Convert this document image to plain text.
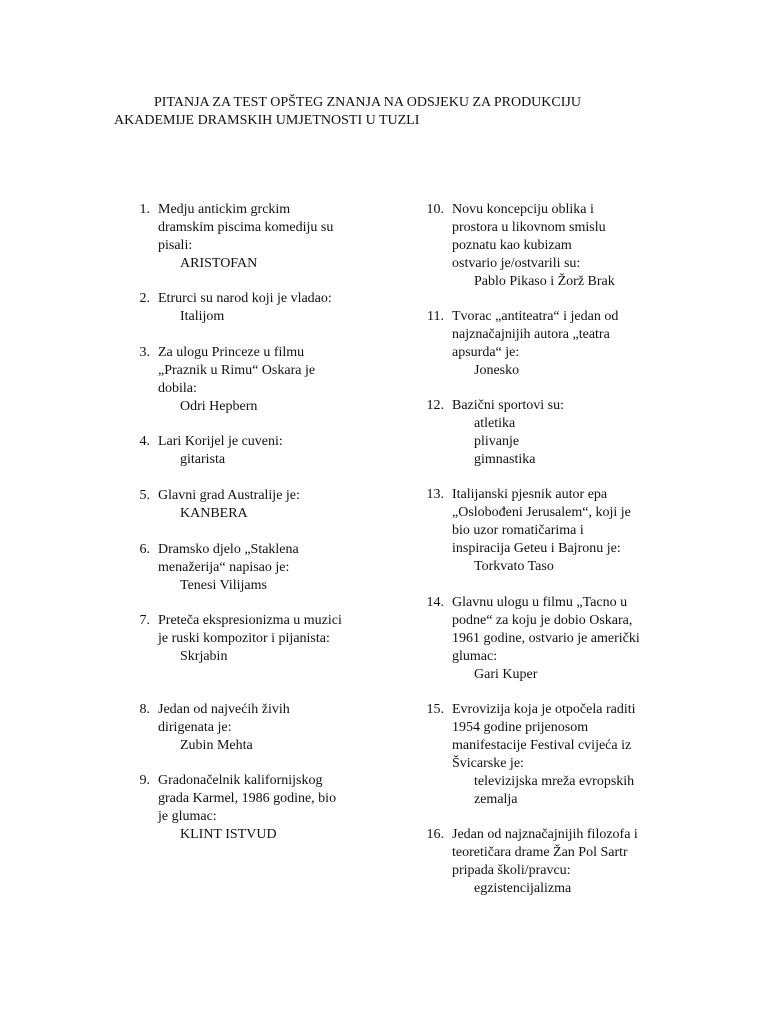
PITANJA ZA TEST OPŠTEG ZNANJA NA ODSJEKU ZA PRODUKCIJU
AKADEMIJE DRAMSKIH UMJETNOSTI U TUZLI
1. Medju antickim grckim
dramskim piscima komediju su
pisali:
ARISTOFAN
2. Etrurci su narod koji je vladao:
Italijom
3. Za ulogu Princeze u filmu
„Praznik u Rimu“ Oskara je
dobila:
Odri Hepbern
4. Lari Korijel je cuveni:
gitarista
5. Glavni grad Australije je:
KANBERA
6. Dramsko djelo „Staklena
menažerija“ napisao je:
Tenesi Vilijams
7. Preteča ekspresionizma u muzici
je ruski kompozitor i pijanista:
Skrjabin
8. Jedan od najvećih živih
dirigenata je:
Zubin Mehta
9. Gradonačelnik kalifornijskog
grada Karmel, 1986 godine, bio
je glumac:
KLINT ISTVUD
10. Novu koncepciju oblika i
prostora u likovnom smislu
poznatu kao kubizam
ostvario je/ostvarili su:
Pablo Pikaso i Žorž Brak
11. Tvorac „antiteatra“ i jedan od
najznačajnijih autora „teatra
apsurda“ je:
Jonesko
12. Bazični sportovi su:
atletika
plivanje
gimnastika
13. Italijanski pjesnik autor epa
„Oslobođeni Jerusalem“, koji je
bio uzor romatičarima i
inspiracija Geteu i Bajronu je:
Torkvato Taso
14. Glavnu ulogu u filmu „Tacno u
podne“ za koju je dobio Oskara,
1961 godine, ostvario je američki
glumac:
Gari Kuper
15. Evrovizija koja je otpočela raditi
1954 godine prijenosom
manifestacije Festival cvijeća iz
Švicarske je:
televizijska mreža evropskih
zemalja
16. Jedan od najznačajnijih filozofa i
teoretičara drame Žan Pol Sartr
pripada školi/pravcu:
egzistencijalizma
